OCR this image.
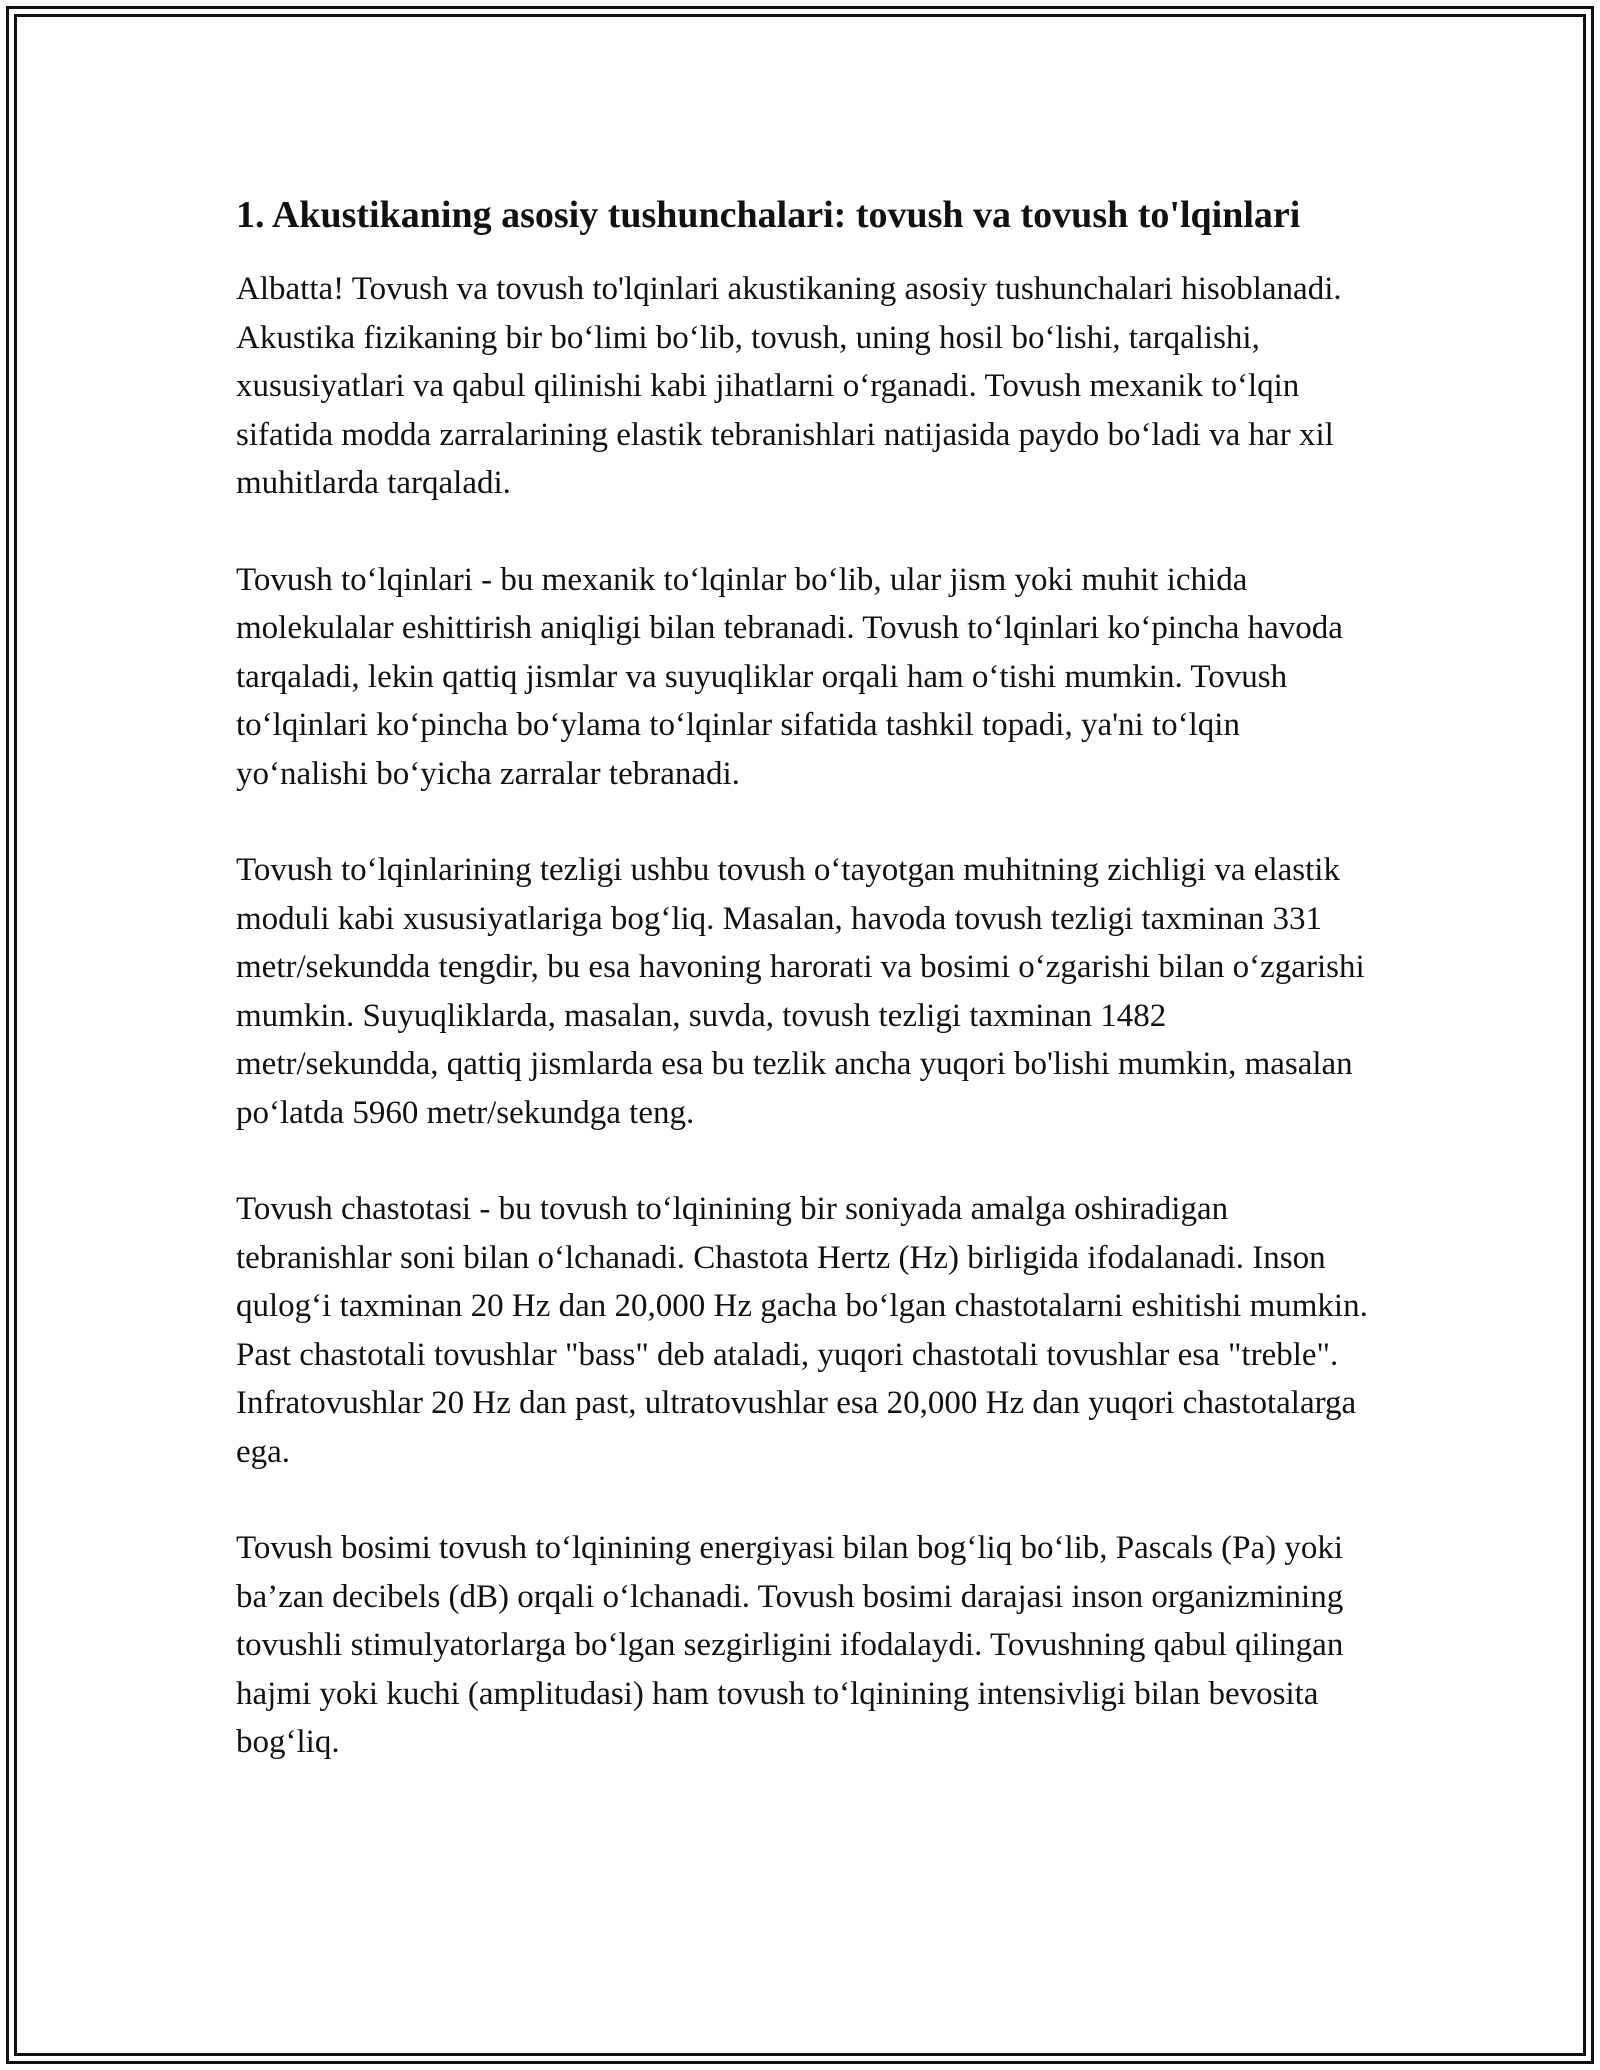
1. Akustikaning asosiy tushunchalari: tovush va tovush to'lqinlari

Albatta! Tovush va tovush to'lqinlari akustikaning asosiy tushunchalari hisoblanadi. Akustika fizikaning bir bo‘limi bo‘lib, tovush, uning hosil bo‘lishi, tarqalishi, xususiyatlari va qabul qilinishi kabi jihatlarni o‘rganadi. Tovush mexanik to‘lqin sifatida modda zarralarining elastik tebranishlari natijasida paydo bo‘ladi va har xil muhitlarda tarqaladi.

Tovush to‘lqinlari - bu mexanik to‘lqinlar bo‘lib, ular jism yoki muhit ichida molekulalar eshittirish aniqligi bilan tebranadi. Tovush to‘lqinlari ko‘pincha havoda tarqaladi, lekin qattiq jismlar va suyuqliklar orqali ham o‘tishi mumkin. Tovush to‘lqinlari ko‘pincha bo‘ylama to‘lqinlar sifatida tashkil topadi, ya'ni to‘lqin yo‘nalishi bo‘yicha zarralar tebranadi.

Tovush to‘lqinlarining tezligi ushbu tovush o‘tayotgan muhitning zichligi va elastik moduli kabi xususiyatlariga bog‘liq. Masalan, havoda tovush tezligi taxminan 331 metr/sekundda tengdir, bu esa havoning harorati va bosimi o‘zgarishi bilan o‘zgarishi mumkin. Suyuqliklarda, masalan, suvda, tovush tezligi taxminan 1482 metr/sekundda, qattiq jismlarda esa bu tezlik ancha yuqori bo'lishi mumkin, masalan po‘latda 5960 metr/sekundga teng.

Tovush chastotasi - bu tovush to‘lqinining bir soniyada amalga oshiradigan tebranishlar soni bilan o‘lchanadi. Chastota Hertz (Hz) birligida ifodalanadi. Inson qulog‘i taxminan 20 Hz dan 20,000 Hz gacha bo‘lgan chastotalarni eshitishi mumkin. Past chastotali tovushlar "bass" deb ataladi, yuqori chastotali tovushlar esa "treble". Infratovushlar 20 Hz dan past, ultratovushlar esa 20,000 Hz dan yuqori chastotalarga ega.

Tovush bosimi tovush to‘lqinining energiyasi bilan bog‘liq bo‘lib, Pascals (Pa) yoki ba’zan decibels (dB) orqali o‘lchanadi. Tovush bosimi darajasi inson organizmining tovushli stimulyatorlarga bo‘lgan sezgirligini ifodalaydi. Tovushning qabul qilingan hajmi yoki kuchi (amplitudasi) ham tovush to‘lqinining intensivligi bilan bevosita bog‘liq.
